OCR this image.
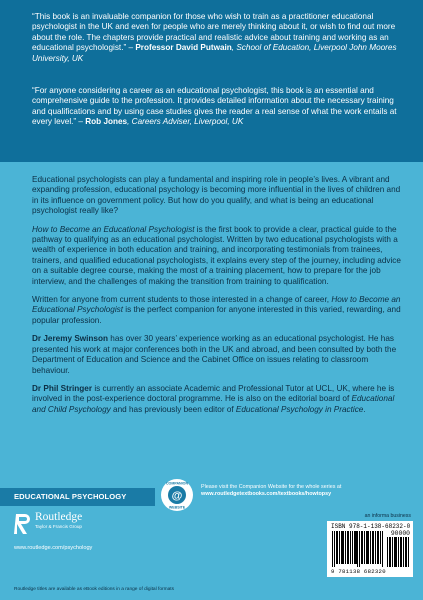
“This book is an invaluable companion for those who wish to train as a practitioner educational psychologist in the UK and even for people who are merely thinking about it, or wish to find out more about the role. The chapters provide practical and realistic advice about training and working as an educational psychologist.” – Professor David Putwain, School of Education, Liverpool John Moores University, UK
“For anyone considering a career as an educational psychologist, this book is an essential and comprehensive guide to the profession. It provides detailed information about the necessary training and qualifications and by using case studies gives the reader a real sense of what the work entails at every level.” – Rob Jones, Careers Adviser, Liverpool, UK

Educational psychologists can play a fundamental and inspiring role in people’s lives. A vibrant and expanding profession, educational psychology is becoming more influential in the lives of children and in its influence on government policy. But how do you qualify, and what is being an educational psychologist really like?

How to Become an Educational Psychologist is the first book to provide a clear, practical guide to the pathway to qualifying as an educational psychologist. Written by two educational psychologists with a wealth of experience in both education and training, and incorporating testimonials from trainees, trainers, and qualified educational psychologists, it explains every step of the journey, including advice on a suitable degree course, making the most of a training placement, how to prepare for the job interview, and the challenges of making the transition from training to qualification.

Written for anyone from current students to those interested in a change of career, How to Become an Educational Psychologist is the perfect companion for anyone interested in this varied, rewarding, and popular profession.

Dr Jeremy Swinson has over 30 years’ experience working as an educational psychologist. He has presented his work at major conferences both in the UK and abroad, and been consulted by both the Department of Education and Science and the Cabinet Office on issues relating to classroom behaviour.

Dr Phil Stringer is currently an associate Academic and Professional Tutor at UCL, UK, where he is involved in the post-experience doctoral programme. He is also on the editorial board of Educational and Child Psychology and has previously been editor of Educational Psychology in Practice.

EDUCATIONAL PSYCHOLOGY	@
COMPANION
WEBSITE
Please visit the Companion Website for the whole series at
www.routledgetextbooks.com/textbooks/howtopsy
an informa business
ISBN 978-1-138-68232-0
90000
9 781138 682320
Routledge
Taylor & Francis Group
www.routledge.com/psychology
Routledge titles are available as eBook editions in a range of digital formats
